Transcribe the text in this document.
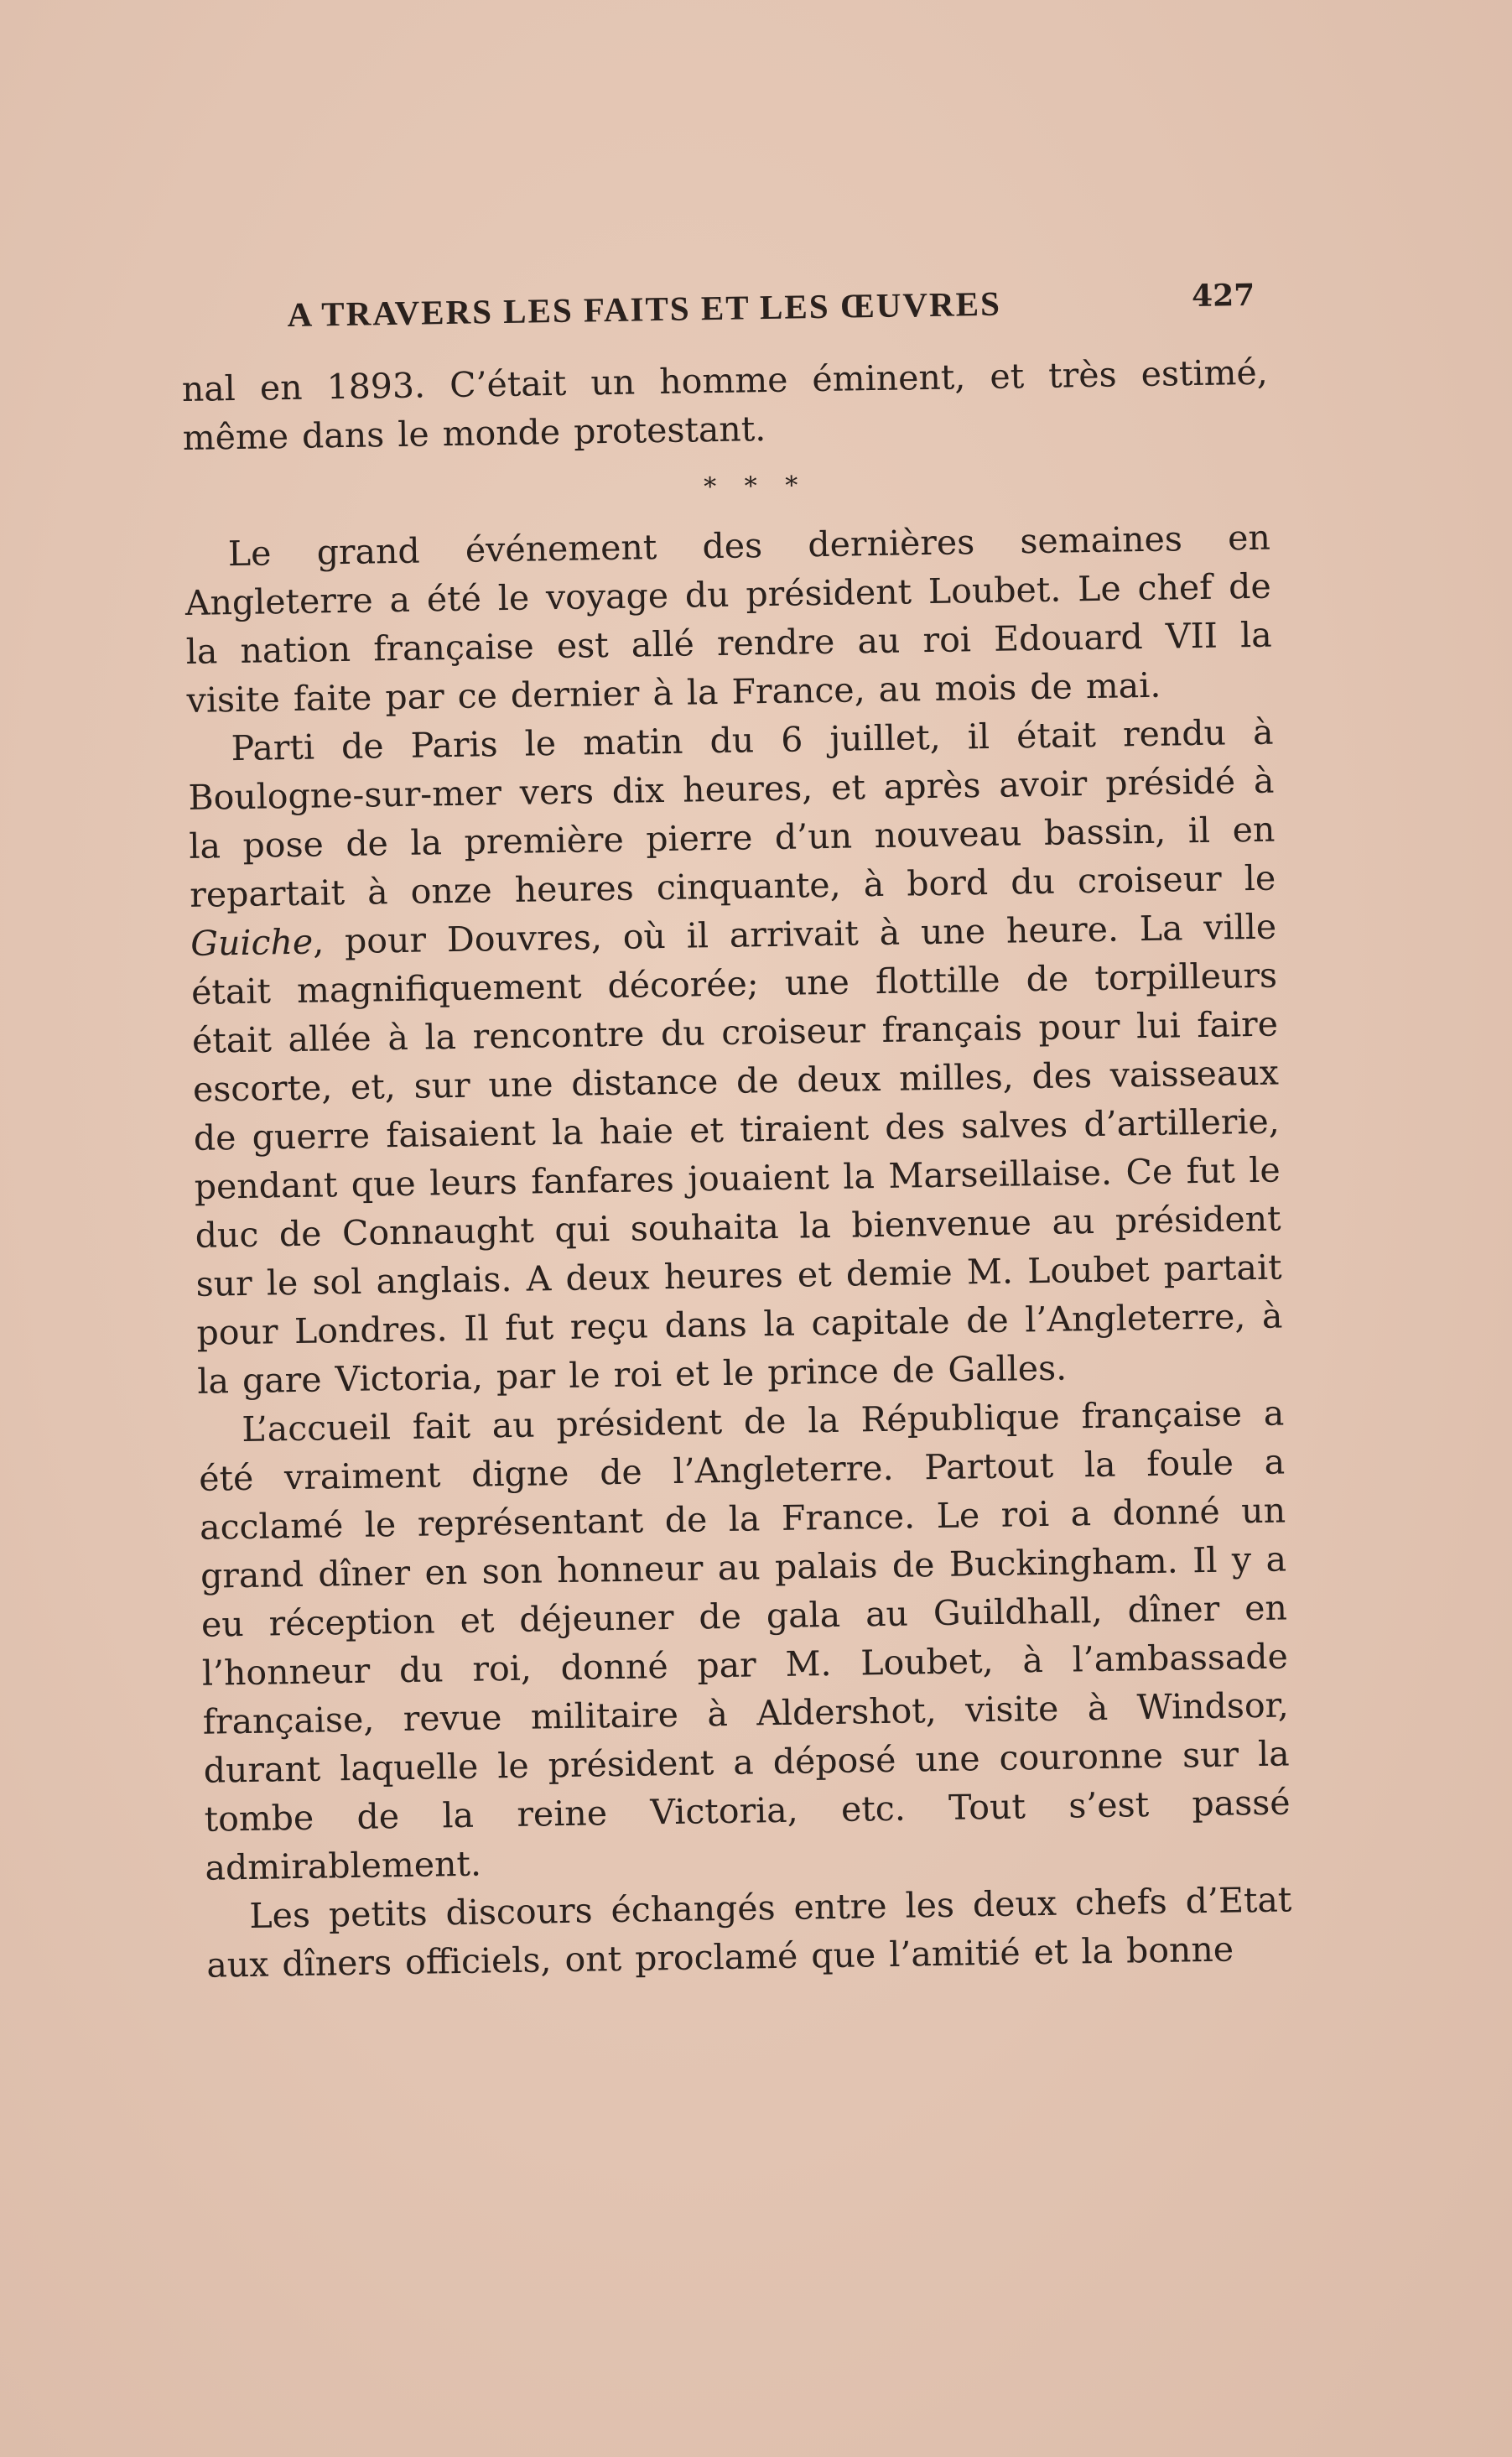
A TRAVERS LES FAITS ET LES ŒUVRES	427

nal en 1893. C’était un homme éminent, et très estimé, même dans le monde protestant.

* * *

Le grand événement des dernières semaines en Angleterre a été le voyage du président Loubet. Le chef de la nation française est allé rendre au roi Edouard VII la visite faite par ce dernier à la France, au mois de mai.

Parti de Paris le matin du 6 juillet, il était rendu à Boulogne-sur-mer vers dix heures, et après avoir présidé à la pose de la première pierre d’un nouveau bassin, il en repartait à onze heures cinquante, à bord du croiseur le Guiche, pour Douvres, où il arrivait à une heure. La ville était magnifiquement décorée; une flottille de torpilleurs était allée à la rencontre du croiseur français pour lui faire escorte, et, sur une distance de deux milles, des vaisseaux de guerre faisaient la haie et tiraient des salves d’artillerie, pendant que leurs fanfares jouaient la Marseillaise. Ce fut le duc de Connaught qui souhaita la bienvenue au président sur le sol anglais. A deux heures et demie M. Loubet partait pour Londres. Il fut reçu dans la capitale de l’Angleterre, à la gare Victoria, par le roi et le prince de Galles.

L’accueil fait au président de la République française a été vraiment digne de l’Angleterre. Partout la foule a acclamé le représentant de la France. Le roi a donné un grand dîner en son honneur au palais de Buckingham. Il y a eu réception et déjeuner de gala au Guildhall, dîner en l’honneur du roi, donné par M. Loubet, à l’ambassade française, revue militaire à Aldershot, visite à Windsor, durant laquelle le président a déposé une couronne sur la tombe de la reine Victoria, etc. Tout s’est passé admirablement.

Les petits discours échangés entre les deux chefs d’Etat aux dîners officiels, ont proclamé que l’amitié et la bonne
